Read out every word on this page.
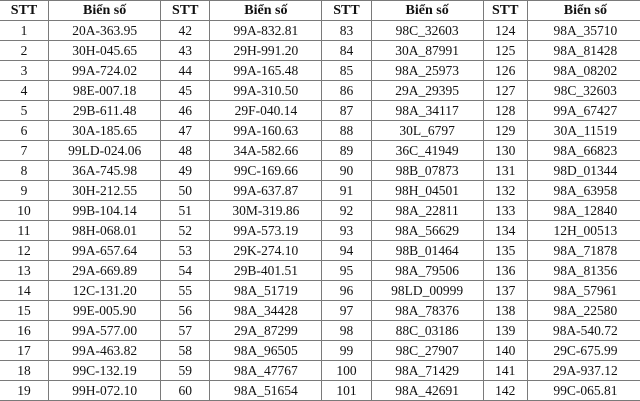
STT	Biển số	STT	Biển số	STT	Biển số	STT	Biển số
1	20A-363.95	42	99A-832.81	83	98C_32603	124	98A_35710
2	30H-045.65	43	29H-991.20	84	30A_87991	125	98A_81428
3	99A-724.02	44	99A-165.48	85	98A_25973	126	98A_08202
4	98E-007.18	45	99A-310.50	86	29A_29395	127	98C_32603
5	29B-611.48	46	29F-040.14	87	98A_34117	128	99A_67427
6	30A-185.65	47	99A-160.63	88	30L_6797	129	30A_11519
7	99LD-024.06	48	34A-582.66	89	36C_41949	130	98A_66823
8	36A-745.98	49	99C-169.66	90	98B_07873	131	98D_01344
9	30H-212.55	50	99A-637.87	91	98H_04501	132	98A_63958
10	99B-104.14	51	30M-319.86	92	98A_22811	133	98A_12840
11	98H-068.01	52	99A-573.19	93	98A_56629	134	12H_00513
12	99A-657.64	53	29K-274.10	94	98B_01464	135	98A_71878
13	29A-669.89	54	29B-401.51	95	98A_79506	136	98A_81356
14	12C-131.20	55	98A_51719	96	98LD_00999	137	98A_57961
15	99E-005.90	56	98A_34428	97	98A_78376	138	98A_22580
16	99A-577.00	57	29A_87299	98	88C_03186	139	98A-540.72
17	99A-463.82	58	98A_96505	99	98C_27907	140	29C-675.99
18	99C-132.19	59	98A_47767	100	98A_71429	141	29A-937.12
19	99H-072.10	60	98A_51654	101	98A_42691	142	99C-065.81
